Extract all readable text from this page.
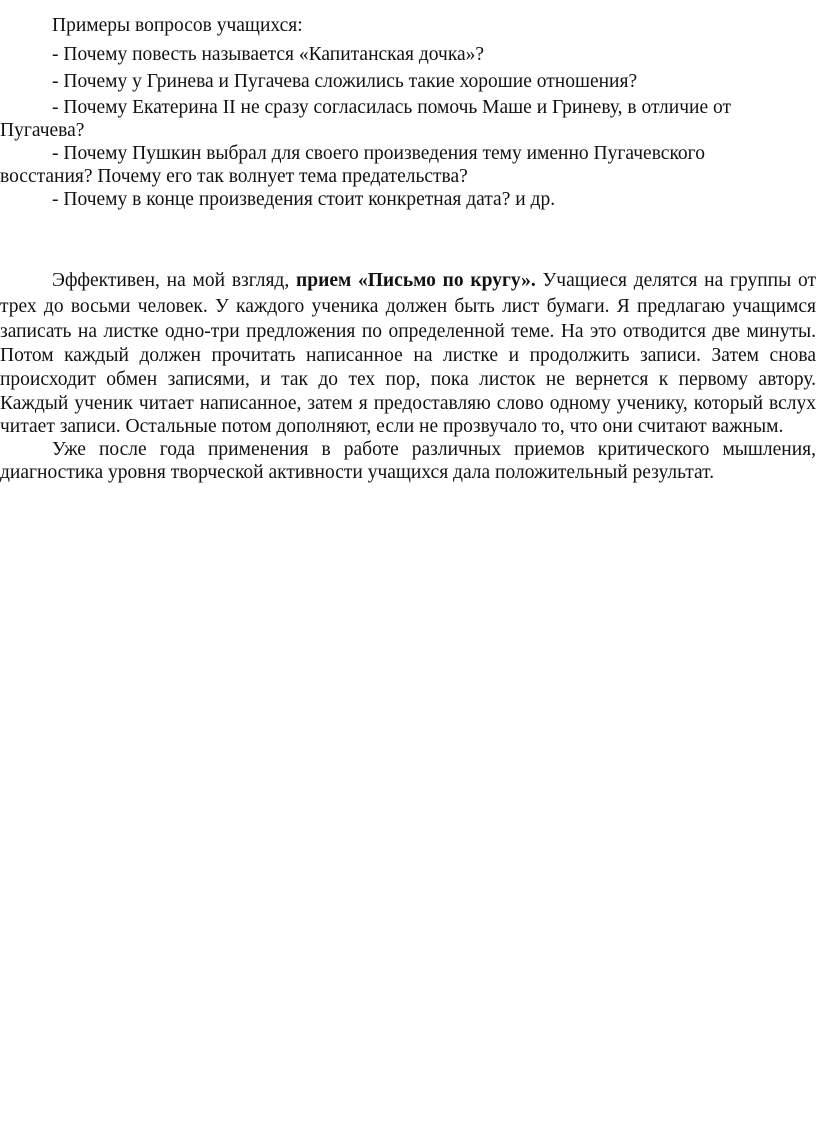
Примеры вопросов учащихся:
- Почему повесть называется «Капитанская дочка»?
- Почему у Гринева и Пугачева сложились такие хорошие отношения?
- Почему Екатерина II не сразу согласилась помочь Маше и Гриневу, в отличие от
Пугачева?
- Почему Пушкин выбрал для своего произведения тему именно Пугачевского
восстания? Почему его так волнует тема предательства?
- Почему в конце произведения стоит конкретная дата? и др.
Эффективен, на мой взгляд, прием «Письмо по кругу». Учащиеся делятся на группы от
трех до восьми человек. У каждого ученика должен быть лист бумаги. Я предлагаю учащимся
записать на листке одно-три предложения по определенной теме. На это отводится две минуты.
Потом каждый должен прочитать написанное на листке и продолжить записи. Затем снова
происходит обмен записями, и так до тех пор, пока листок не вернется к первому автору.
Каждый ученик читает написанное, затем я предоставляю слово одному ученику, который вслух
читает записи. Остальные потом дополняют, если не прозвучало то, что они считают важным.
Уже после года применения в работе различных приемов критического мышления,
диагностика уровня творческой активности учащихся дала положительный результат.
